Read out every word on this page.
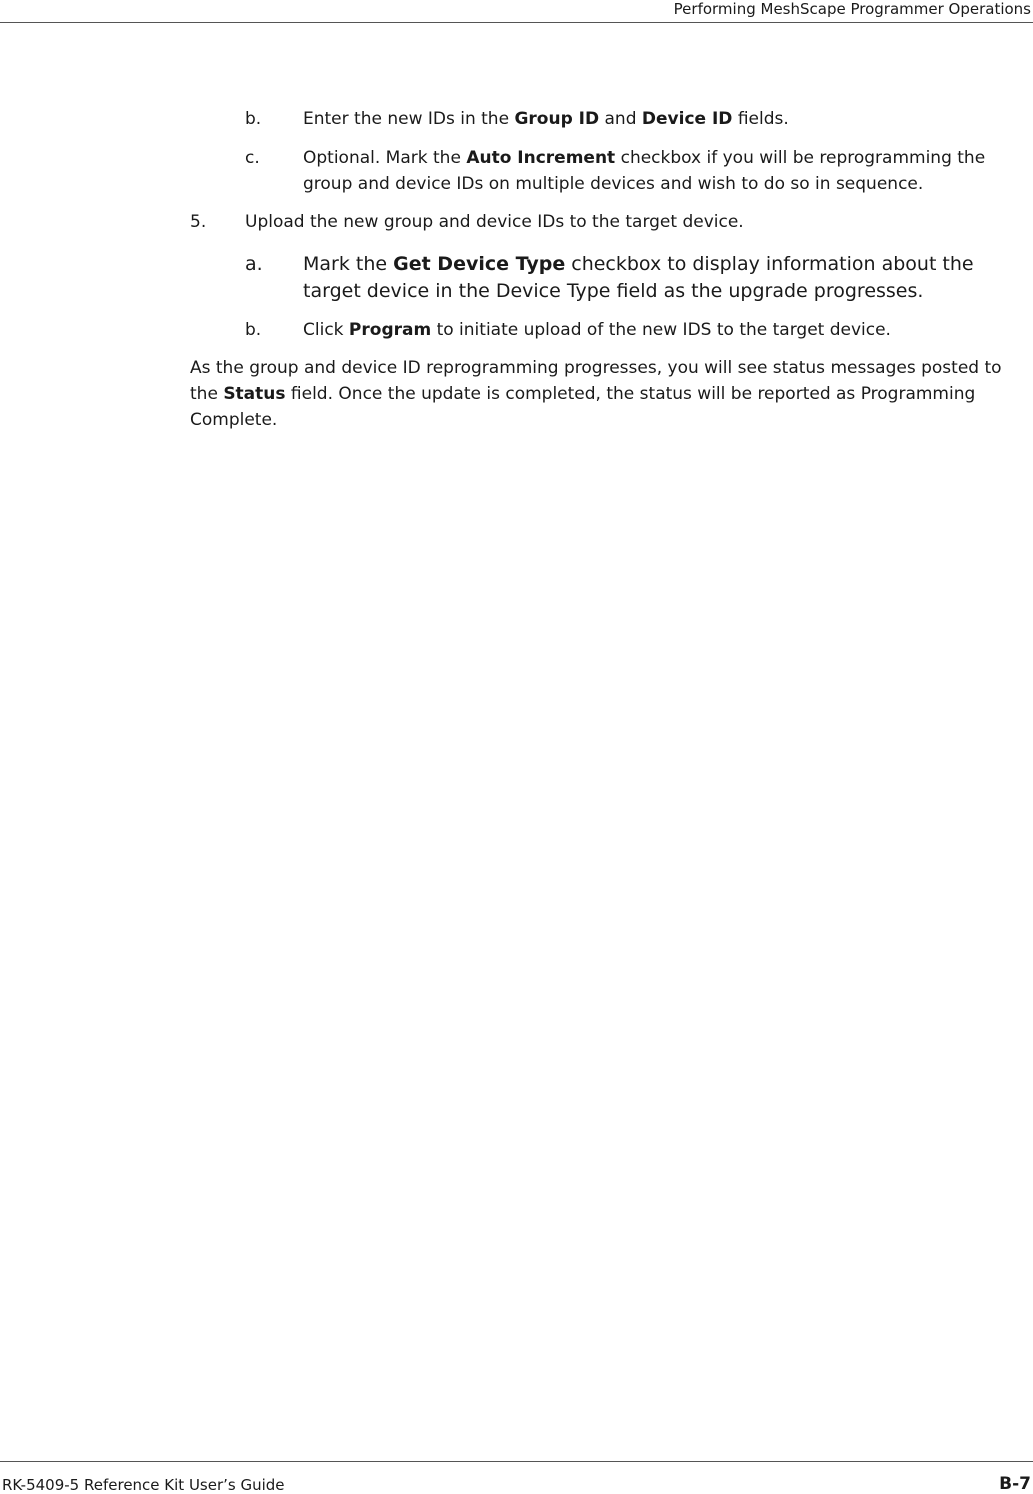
Performing MeshScape Programmer Operations
b. Enter the new IDs in the Group ID and Device ID fields.
c.	Optional. Mark the Auto Increment checkbox if you will be reprogramming the group and device IDs on multiple devices and wish to do so in sequence.
5. Upload the new group and device IDs to the target device.
a. Mark the Get Device Type checkbox to display information about the target device in the Device Type field as the upgrade progresses.
b. Click Program to initiate upload of the new IDS to the target device.
As the group and device ID reprogramming progresses, you will see status messages posted to the Status field. Once the update is completed, the status will be reported as Programming Complete.
RK-5409-5 Reference Kit User’s Guide	B-7
